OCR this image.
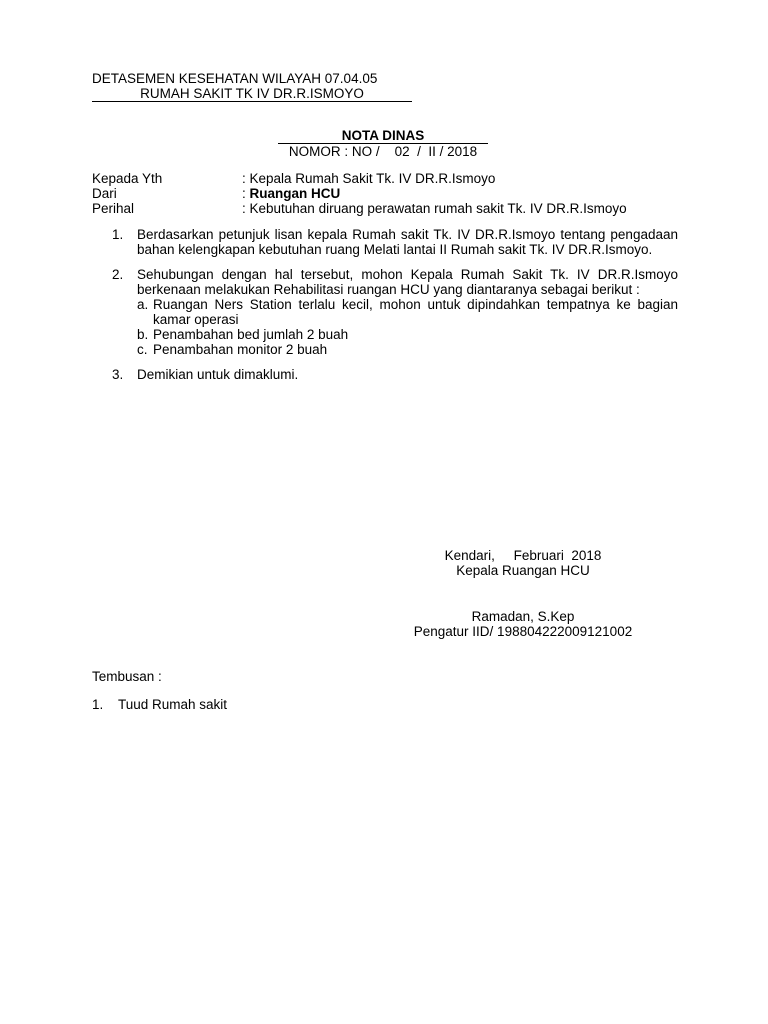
DETASEMEN KESEHATAN WILAYAH 07.04.05
RUMAH SAKIT TK IV DR.R.ISMOYO
NOTA DINAS
NOMOR : NO /    02  /  II / 2018
Kepada Yth	: Kepala Rumah Sakit Tk. IV DR.R.Ismoyo
Dari	: Ruangan HCU
Perihal	: Kebutuhan diruang perawatan rumah sakit Tk. IV DR.R.Ismoyo
1.	Berdasarkan petunjuk lisan kepala Rumah sakit Tk. IV DR.R.Ismoyo tentang pengadaan bahan kelengkapan kebutuhan ruang Melati lantai II Rumah sakit Tk. IV DR.R.Ismoyo.
2.	Sehubungan dengan hal tersebut, mohon Kepala Rumah Sakit Tk. IV DR.R.Ismoyo berkenaan melakukan Rehabilitasi ruangan HCU yang diantaranya sebagai berikut :
a. Ruangan Ners Station terlalu kecil, mohon untuk dipindahkan tempatnya ke bagian kamar operasi
b. Penambahan bed jumlah 2 buah
c. Penambahan monitor 2 buah
3.	Demikian untuk dimaklumi.
Kendari,     Februari  2018
Kepala Ruangan HCU
Ramadan, S.Kep
Pengatur IID/ 198804222009121002
Tembusan :
1.	Tuud Rumah sakit
